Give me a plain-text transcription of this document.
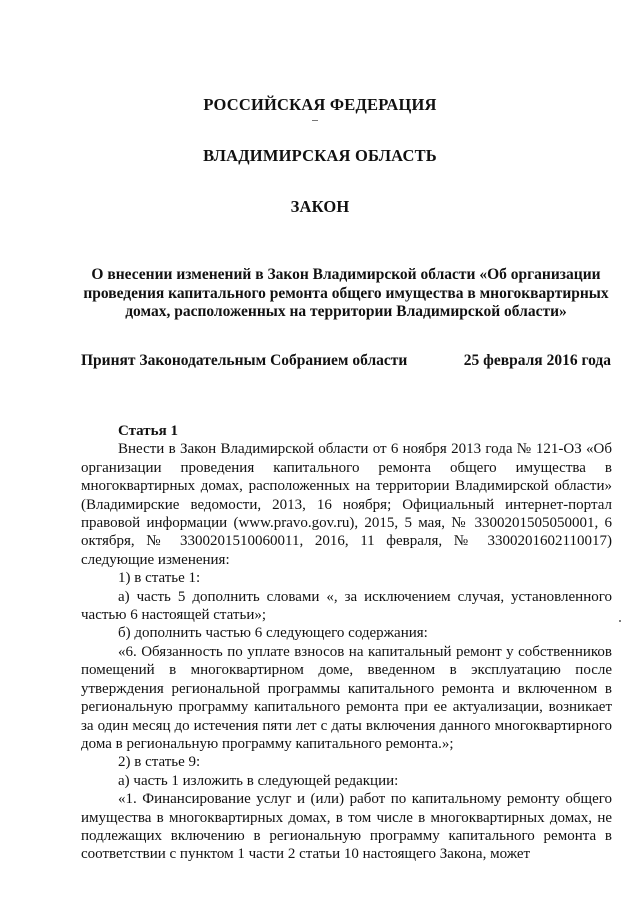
РОССИЙСКАЯ ФЕДЕРАЦИЯ
ВЛАДИМИРСКАЯ ОБЛАСТЬ
ЗАКОН
О внесении изменений в Закон Владимирской области «Об организации проведения капитального ремонта общего имущества в многоквартирных домах, расположенных на территории Владимирской области»
Принят Законодательным Собранием области	25 февраля 2016 года

Статья 1

Внести в Закон Владимирской области от 6 ноября 2013 года № 121-ОЗ «Об организации проведения капитального ремонта общего имущества в многоквартирных домах, расположенных на территории Владимирской области» (Владимирские ведомости, 2013, 16 ноября; Официальный интернет-портал правовой информации (www.pravo.gov.ru), 2015, 5 мая, № 3300201505050001, 6 октября, № 3300201510060011, 2016, 11 февраля, № 3300201602110017) следующие изменения:

1) в статье 1:

а) часть 5 дополнить словами «, за исключением случая, установленного частью 6 настоящей статьи»;

б) дополнить частью 6 следующего содержания:

«6. Обязанность по уплате взносов на капитальный ремонт у собственников помещений в многоквартирном доме, введенном в эксплуатацию после утверждения региональной программы капитального ремонта и включенном в региональную программу капитального ремонта при ее актуализации, возникает за один месяц до истечения пяти лет с даты включения данного многоквартирного дома в региональную программу капитального ремонта.»;

2) в статье 9:

а) часть 1 изложить в следующей редакции:

«1. Финансирование услуг и (или) работ по капитальному ремонту общего имущества в многоквартирных домах, в том числе в многоквартирных домах, не подлежащих включению в региональную программу капитального ремонта в соответствии с пунктом 1 части 2 статьи 10 настоящего Закона, может
